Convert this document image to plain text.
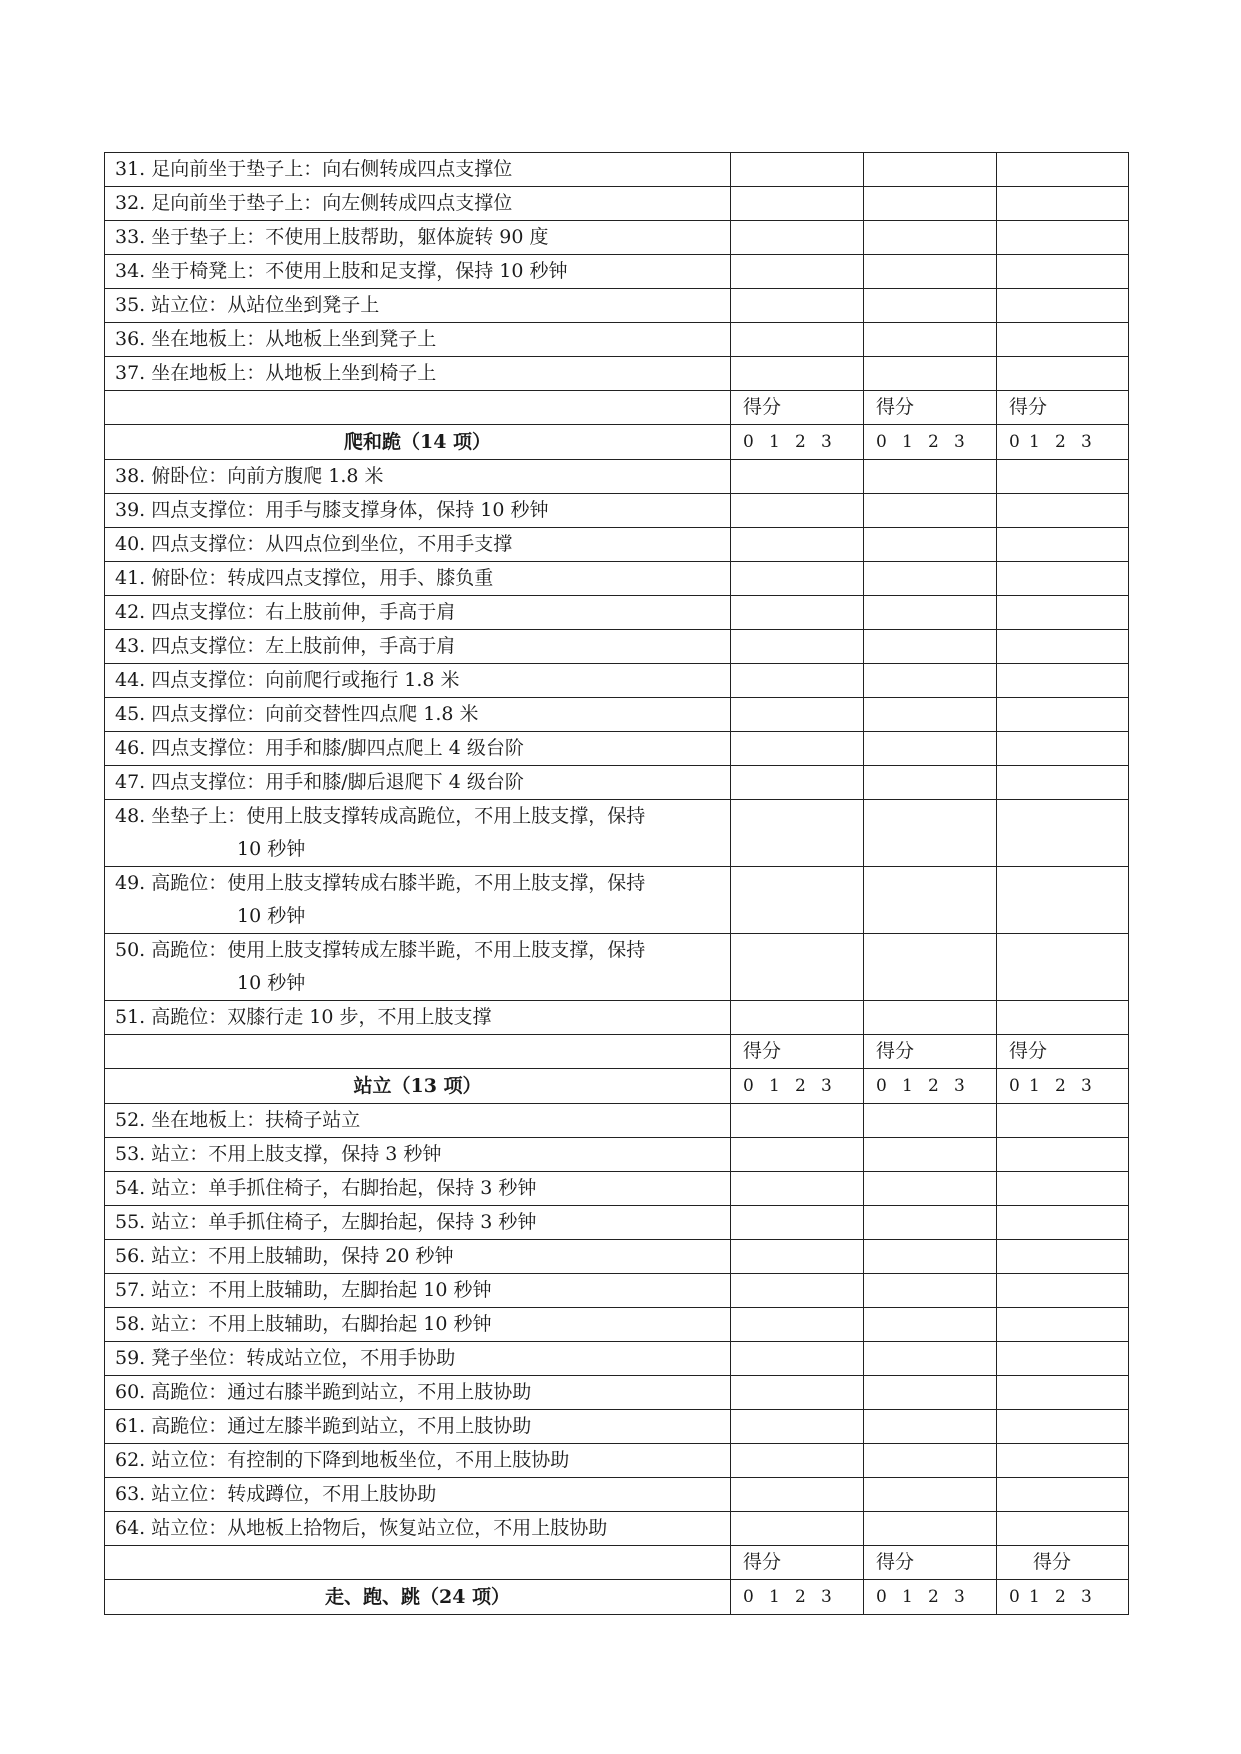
31. 足向前坐于垫子上：向右侧转成四点支撑位			
32. 足向前坐于垫子上：向左侧转成四点支撑位			
33. 坐于垫子上：不使用上肢帮助，躯体旋转 90 度			
34. 坐于椅凳上：不使用上肢和足支撑，保持 10 秒钟			
35. 站立位：从站位坐到凳子上			
36. 坐在地板上：从地板上坐到凳子上			
37. 坐在地板上：从地板上坐到椅子上			
	得分	得分	得分
爬和跪（14 项）	0 1 2 3	0 1 2 3	0 1 2 3
38. 俯卧位：向前方腹爬 1.8 米			
39. 四点支撑位：用手与膝支撑身体，保持 10 秒钟			
40. 四点支撑位：从四点位到坐位，不用手支撑			
41. 俯卧位：转成四点支撑位，用手、膝负重			
42. 四点支撑位：右上肢前伸，手高于肩			
43. 四点支撑位：左上肢前伸，手高于肩			
44. 四点支撑位：向前爬行或拖行 1.8 米			
45. 四点支撑位：向前交替性四点爬 1.8 米			
46. 四点支撑位：用手和膝/脚四点爬上 4 级台阶			
47. 四点支撑位：用手和膝/脚后退爬下 4 级台阶			
48. 坐垫子上：使用上肢支撑转成高跪位，不用上肢支撑，保持
10 秒钟			

49. 高跪位：使用上肢支撑转成右膝半跪，不用上肢支撑，保持
10 秒钟			

50. 高跪位：使用上肢支撑转成左膝半跪，不用上肢支撑，保持
10 秒钟			

51. 高跪位：双膝行走 10 步，不用上肢支撑			
	得分	得分	得分
站立（13 项）	0 1 2 3	0 1 2 3	0 1 2 3
52. 坐在地板上：扶椅子站立			
53. 站立：不用上肢支撑，保持 3 秒钟			
54. 站立：单手抓住椅子，右脚抬起，保持 3 秒钟			
55. 站立：单手抓住椅子，左脚抬起，保持 3 秒钟			
56. 站立：不用上肢辅助，保持 20 秒钟			
57. 站立：不用上肢辅助，左脚抬起 10 秒钟			
58. 站立：不用上肢辅助，右脚抬起 10 秒钟			
59. 凳子坐位：转成站立位，不用手协助			
60. 高跪位：通过右膝半跪到站立，不用上肢协助			
61. 高跪位：通过左膝半跪到站立，不用上肢协助			
62. 站立位：有控制的下降到地板坐位，不用上肢协助			
63. 站立位：转成蹲位，不用上肢协助			
64. 站立位：从地板上拾物后，恢复站立位，不用上肢协助			
	得分	得分	得分
走、跑、跳（24 项）	0 1 2 3	0 1 2 3	0 1 2 3
